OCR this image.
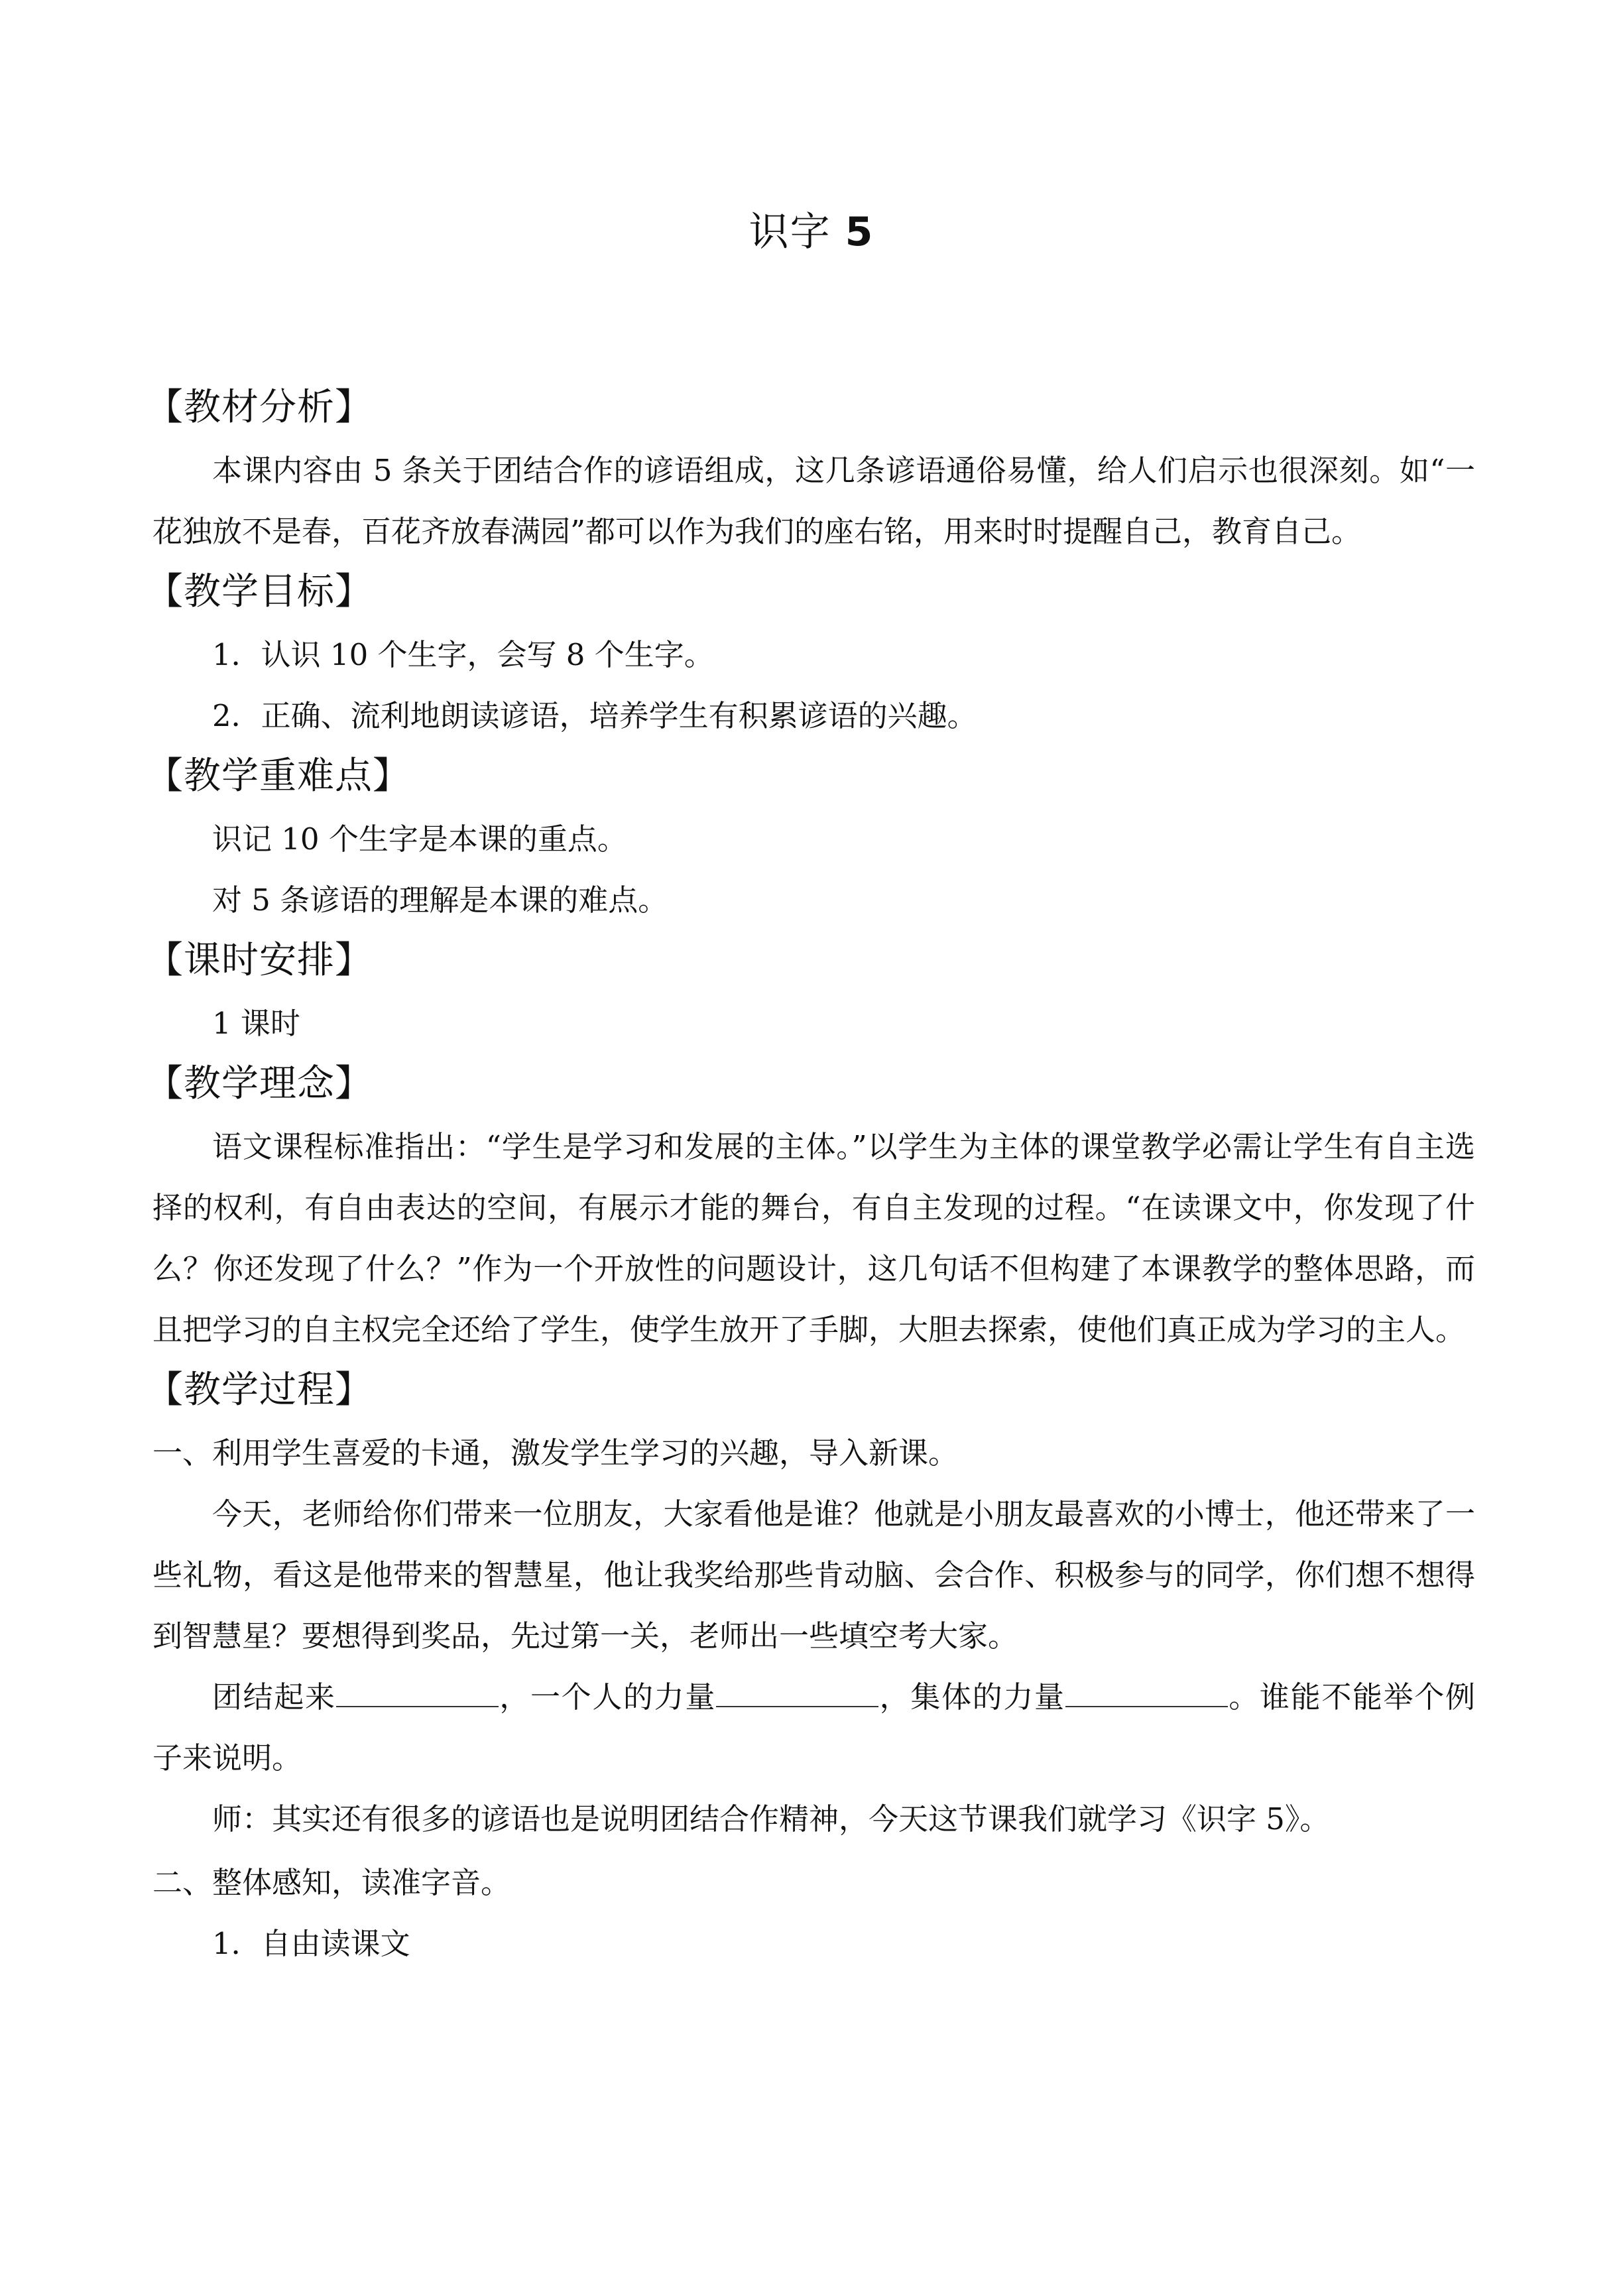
识字 5
【教材分析】

本课内容由 5 条关于团结合作的谚语组成，这几条谚语通俗易懂，给人们启示也很深刻。如“一花独放不是春，百花齐放春满园”都可以作为我们的座右铭，用来时时提醒自己，教育自己。

【教学目标】

1．认识 10 个生字，会写 8 个生字。

2．正确、流利地朗读谚语，培养学生有积累谚语的兴趣。

【教学重难点】

识记 10 个生字是本课的重点。

对 5 条谚语的理解是本课的难点。

【课时安排】

1 课时

【教学理念】

语文课程标准指出：“学生是学习和发展的主体。”以学生为主体的课堂教学必需让学生有自主选择的权利，有自由表达的空间，有展示才能的舞台，有自主发现的过程。“在读课文中，你发现了什么？你还发现了什么？”作为一个开放性的问题设计，这几句话不但构建了本课教学的整体思路，而且把学习的自主权完全还给了学生，使学生放开了手脚，大胆去探索，使他们真正成为学习的主人。

【教学过程】

一、利用学生喜爱的卡通，激发学生学习的兴趣，导入新课。

今天，老师给你们带来一位朋友，大家看他是谁？他就是小朋友最喜欢的小博士，他还带来了一些礼物，看这是他带来的智慧星，他让我奖给那些肯动脑、会合作、积极参与的同学，你们想不想得到智慧星？要想得到奖品，先过第一关，老师出一些填空考大家。

团结起来	，一个人的力量	，集体的力量	。谁能不能举个例子来说明。

师：其实还有很多的谚语也是说明团结合作精神，今天这节课我们就学习《识字 5》。

二、整体感知，读准字音。

1．自由读课文
